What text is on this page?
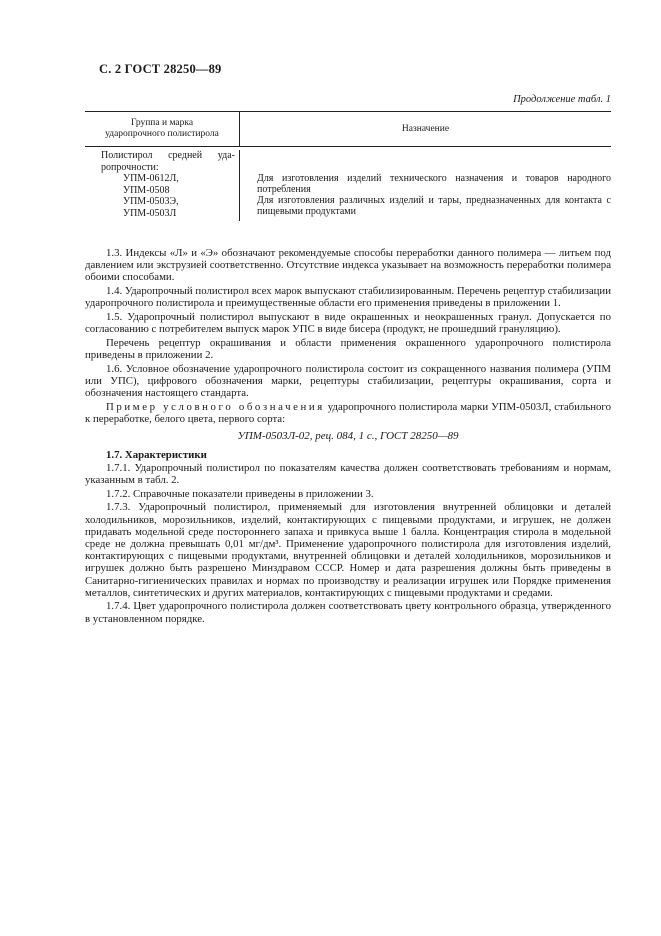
С. 2 ГОСТ 28250—89
Продолжение табл. 1
Группа и марка
ударопрочного полистирола	Назначение
Полистирол средней уда-
ропрочности:
УПМ-0612Л,
УПМ-0508
УПМ-0503Э,
УПМ-0503Л
Для изготовления изделий технического назначения и товаров народного потребления
Для изготовления различных изделий и тары, предназначенных для контакта с пищевыми продуктами

1.3. Индексы «Л» и «Э» обозначают рекомендуемые способы переработки данного полимера — литьем под давлением или экструзией соответственно. Отсутствие индекса указывает на возможность переработки полимера обоими способами.

1.4. Ударопрочный полистирол всех марок выпускают стабилизированным. Перечень рецептур стабилизации ударопрочного полистирола и преимущественные области его применения приведены в приложении 1.

1.5. Ударопрочный полистирол выпускают в виде окрашенных и неокрашенных гранул. Допускается по согласованию с потребителем выпуск марок УПС в виде бисера (продукт, не прошедший грануляцию).

Перечень рецептур окрашивания и области применения окрашенного ударопрочного полистирола приведены в приложении 2.

1.6. Условное обозначение ударопрочного полистирола состоит из сокращенного названия полимера (УПМ или УПС), цифрового обозначения марки, рецептуры стабилизации, рецептуры окрашивания, сорта и обозначения настоящего стандарта.

Пример условного обозначения ударопрочного полистирола марки УПМ-0503Л, стабильного к переработке, белого цвета, первого сорта:

УПМ-0503Л-02, рец. 084, 1 с., ГОСТ 28250—89
1.7. Характеристики

1.7.1. Ударопрочный полистирол по показателям качества должен соответствовать требованиям и нормам, указанным в табл. 2.

1.7.2. Справочные показатели приведены в приложении 3.

1.7.3. Ударопрочный полистирол, применяемый для изготовления внутренней облицовки и деталей холодильников, морозильников, изделий, контактирующих с пищевыми продуктами, и игрушек, не должен придавать модельной среде постороннего запаха и привкуса выше 1 балла. Концентрация стирола в модельной среде не должна превышать 0,01 мг/дм³. Применение ударопрочного полистирола для изготовления изделий, контактирующих с пищевыми продуктами, внутренней облицовки и деталей холодильников, морозильников и игрушек должно быть разрешено Минздравом СССР. Номер и дата разрешения должны быть приведены в Санитарно-гигиенических правилах и нормах по производству и реализации игрушек или Порядке применения металлов, синтетических и других материалов, контактирующих с пищевыми продуктами и средами.

1.7.4. Цвет ударопрочного полистирола должен соответствовать цвету контрольного образца, утвержденного в установленном порядке.
